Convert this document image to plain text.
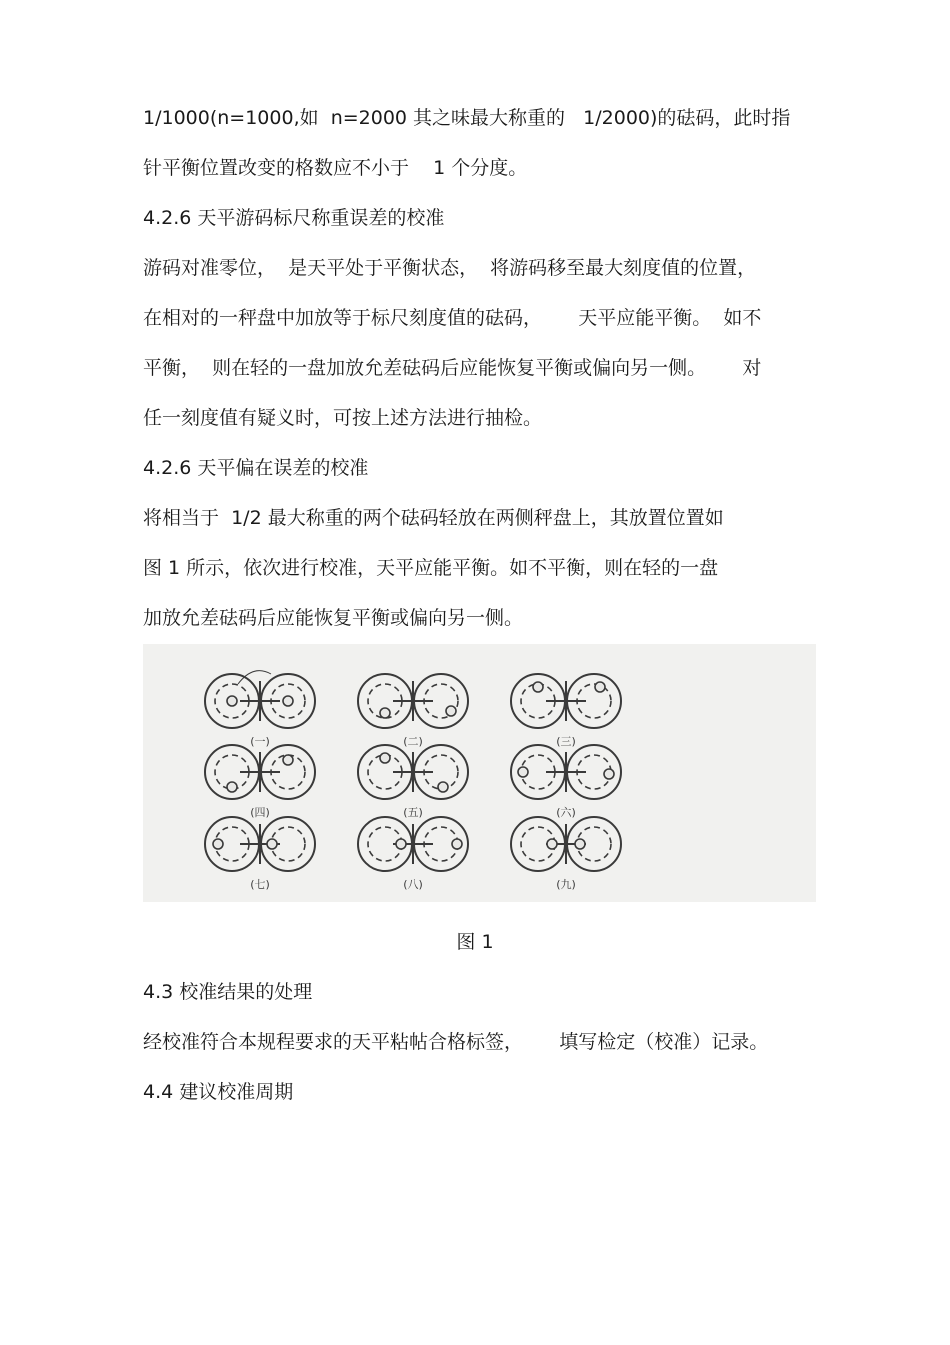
1/1000(n=1000,如  n=2000 其之味最大称重的   1/2000)的砝码，此时指

针平衡位置改变的格数应不小于    1 个分度。

4.2.6 天平游码标尺称重误差的校准

游码对准零位，  是天平处于平衡状态，  将游码移至最大刻度值的位置，

在相对的一秤盘中加放等于标尺刻度值的砝码，      天平应能平衡。  如不

平衡，  则在轻的一盘加放允差砝码后应能恢复平衡或偏向另一侧。      对

任一刻度值有疑义时，可按上述方法进行抽检。

4.2.6 天平偏在误差的校准

将相当于  1/2 最大称重的两个砝码轻放在两侧秤盘上，其放置位置如

图 1 所示，依次进行校准，天平应能平衡。如不平衡，则在轻的一盘

加放允差砝码后应能恢复平衡或偏向另一侧。

(一)	(二)	(三)
(四)	(五)	(六)
(七)	(八)	(九)

图 1

4.3 校准结果的处理

经校准符合本规程要求的天平粘帖合格标签，      填写检定（校准）记录。

4.4 建议校准周期
